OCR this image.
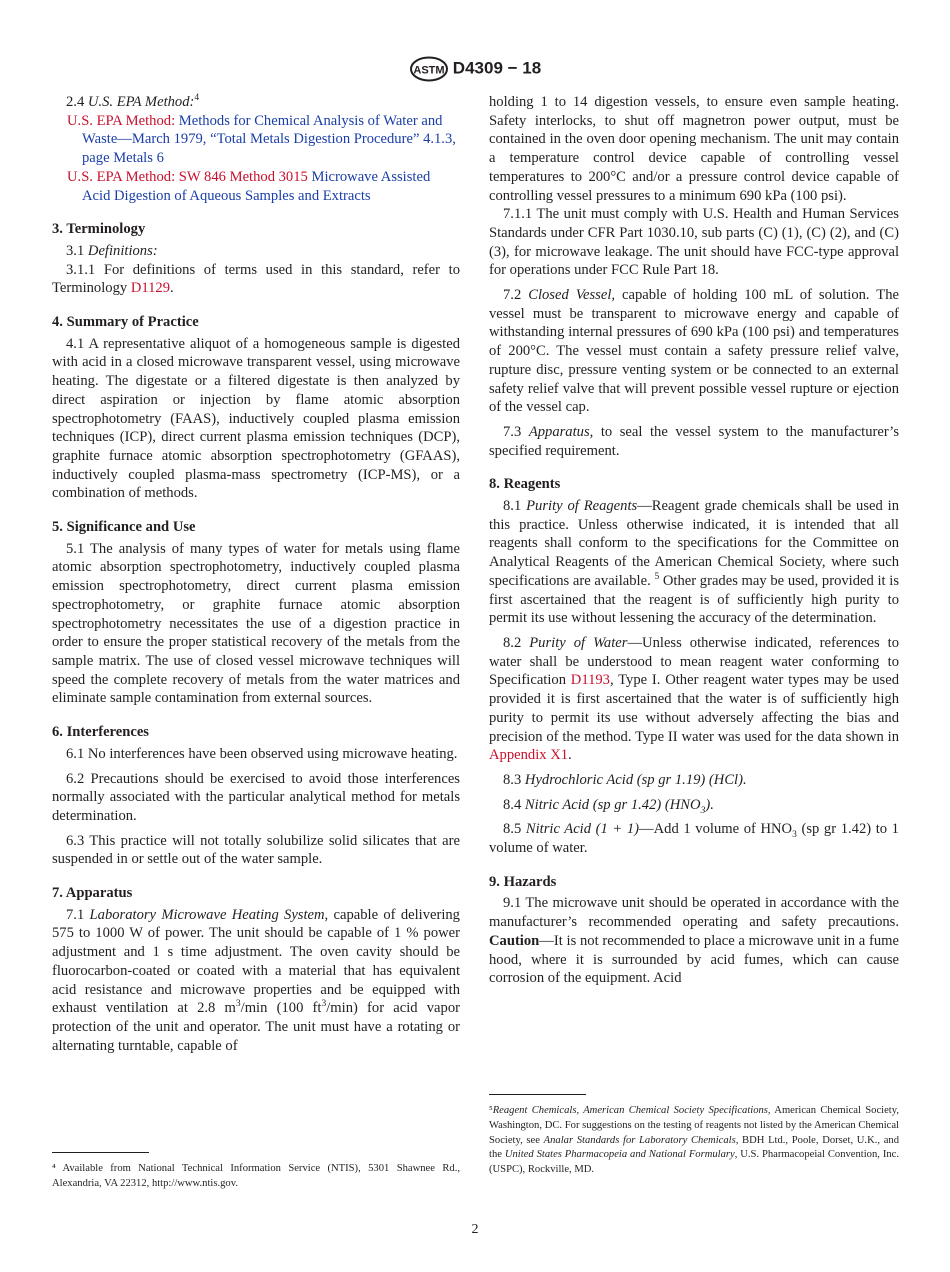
ASTM D4309 − 18

2.4 U.S. EPA Method:$^4$

U.S. EPA Method: Methods for Chemical Analysis of Water and Waste—March 1979, “Total Metals Digestion Procedure” 4.1.3, page Metals 6

U.S. EPA Method: SW 846 Method 3015 Microwave Assisted Acid Digestion of Aqueous Samples and Extracts

3. Terminology

3.1 Definitions:

3.1.1 For definitions of terms used in this standard, refer to Terminology D1129.

4. Summary of Practice

4.1 A representative aliquot of a homogeneous sample is digested with acid in a closed microwave transparent vessel, using microwave heating. The digestate or a filtered digestate is then analyzed by direct aspiration or injection by flame atomic absorption spectrophotometry (FAAS), inductively coupled plasma emission techniques (ICP), direct current plasma emission techniques (DCP), graphite furnace atomic absorption spectrophotometry (GFAAS), inductively coupled plasma-mass spectrometry (ICP-MS), or a combination of methods.

5. Significance and Use

5.1 The analysis of many types of water for metals using flame atomic absorption spectrophotometry, inductively coupled plasma emission spectrophotometry, direct current plasma emission spectrophotometry, or graphite furnace atomic absorption spectrophotometry necessitates the use of a digestion practice in order to ensure the proper statistical recovery of the metals from the sample matrix. The use of closed vessel microwave techniques will speed the complete recovery of metals from the water matrices and eliminate sample contamination from external sources.

6. Interferences

6.1 No interferences have been observed using microwave heating.

6.2 Precautions should be exercised to avoid those interferences normally associated with the particular analytical method for metals determination.

6.3 This practice will not totally solubilize solid silicates that are suspended in or settle out of the water sample.

7. Apparatus

7.1 Laboratory Microwave Heating System, capable of delivering 575 to 1000 W of power. The unit should be capable of 1 % power adjustment and 1 s time adjustment. The oven cavity should be fluorocarbon-coated or coated with a material that has equivalent acid resistance and microwave properties and be equipped with exhaust ventilation at 2.8 $m^3/\min$ (100 $ft^3/\min$) for acid vapor protection of the unit and operator. The unit must have a rotating or alternating turntable, capable of

⁴ Available from National Technical Information Service (NTIS), 5301 Shawnee Rd., Alexandria, VA 22312, http://www.ntis.gov.

holding 1 to 14 digestion vessels, to ensure even sample heating. Safety interlocks, to shut off magnetron power output, must be contained in the oven door opening mechanism. The unit may contain a temperature control device capable of controlling vessel temperatures to 200°C and/or a pressure control device capable of controlling vessel pressures to a minimum 690 kPa (100 psi).

7.1.1 The unit must comply with U.S. Health and Human Services Standards under CFR Part 1030.10, sub parts (C) (1), (C) (2), and (C) (3), for microwave leakage. The unit should have FCC-type approval for operations under FCC Rule Part 18.

7.2 Closed Vessel, capable of holding 100 mL of solution. The vessel must be transparent to microwave energy and capable of withstanding internal pressures of 690 kPa (100 psi) and temperatures of 200°C. The vessel must contain a safety pressure relief valve, rupture disc, pressure venting system or be connected to an external safety relief valve that will prevent possible vessel rupture or ejection of the vessel cap.

7.3 Apparatus, to seal the vessel system to the manufacturer’s specified requirement.

8. Reagents

8.1 Purity of Reagents—Reagent grade chemicals shall be used in this practice. Unless otherwise indicated, it is intended that all reagents shall conform to the specifications for the Committee on Analytical Reagents of the American Chemical Society, where such specifications are available. $^5$ Other grades may be used, provided it is first ascertained that the reagent is of sufficiently high purity to permit its use without lessening the accuracy of the determination.

8.2 Purity of Water—Unless otherwise indicated, references to water shall be understood to mean reagent water conforming to Specification D1193, Type I. Other reagent water types may be used provided it is first ascertained that the water is of sufficiently high purity to permit its use without adversely affecting the bias and precision of the method. Type II water was used for the data shown in Appendix X1.

8.3 Hydrochloric Acid (sp gr 1.19) (HCl).

8.4 Nitric Acid (sp gr 1.42) $(HNO_3)$.

8.5 Nitric Acid (1 + 1)—Add 1 volume of $HNO_3$ (sp gr 1.42) to 1 volume of water.

9. Hazards

9.1 The microwave unit should be operated in accordance with the manufacturer’s recommended operating and safety precautions. Caution—It is not recommended to place a microwave unit in a fume hood, where it is surrounded by acid fumes, which can cause corrosion of the equipment. Acid

⁵Reagent Chemicals, American Chemical Society Specifications, American Chemical Society, Washington, DC. For suggestions on the testing of reagents not listed by the American Chemical Society, see Analar Standards for Laboratory Chemicals, BDH Ltd., Poole, Dorset, U.K., and the United States Pharmacopeia and National Formulary, U.S. Pharmacopeial Convention, Inc. (USPC), Rockville, MD.
2
